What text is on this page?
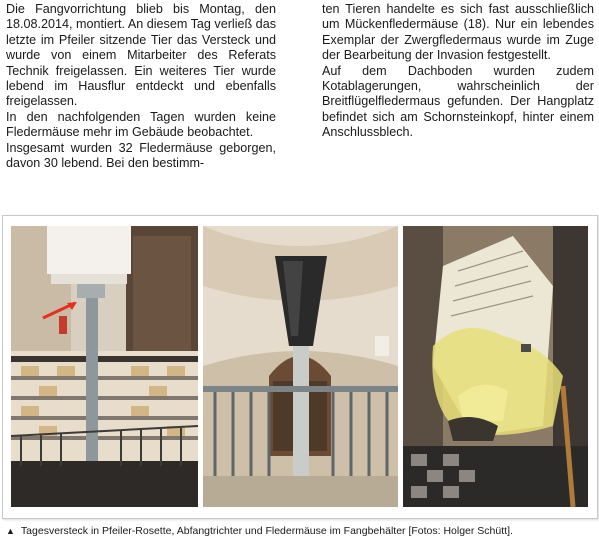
Die Fangvorrichtung blieb bis Montag, den 18.08.2014, montiert. An diesem Tag verließ das letzte im Pfeiler sitzende Tier das Versteck und wurde von einem Mitarbeiter des Referats Technik freigelassen. Ein weiteres Tier wurde lebend im Hausflur entdeckt und ebenfalls freigelassen.

In den nachfolgenden Tagen wurden keine Fledermäuse mehr im Gebäude beobachtet.

Insgesamt wurden 32 Fledermäuse geborgen, davon 30 lebend. Bei den bestimm-

ten Tieren handelte es sich fast ausschließlich um Mückenfledermäuse (18). Nur ein lebendes Exemplar der Zwergfledermaus wurde im Zuge der Bearbeitung der Invasion festgestellt.

Auf dem Dachboden wurden zudem Kotablagerungen, wahrscheinlich der Breitflügelfledermaus gefunden. Der Hangplatz befindet sich am Schornsteinkopf, hinter einem Anschlussblech.

▲ Tagesversteck in Pfeiler-Rosette, Abfangtrichter und Fledermäuse im Fangbehälter [Fotos: Holger Schütt].
